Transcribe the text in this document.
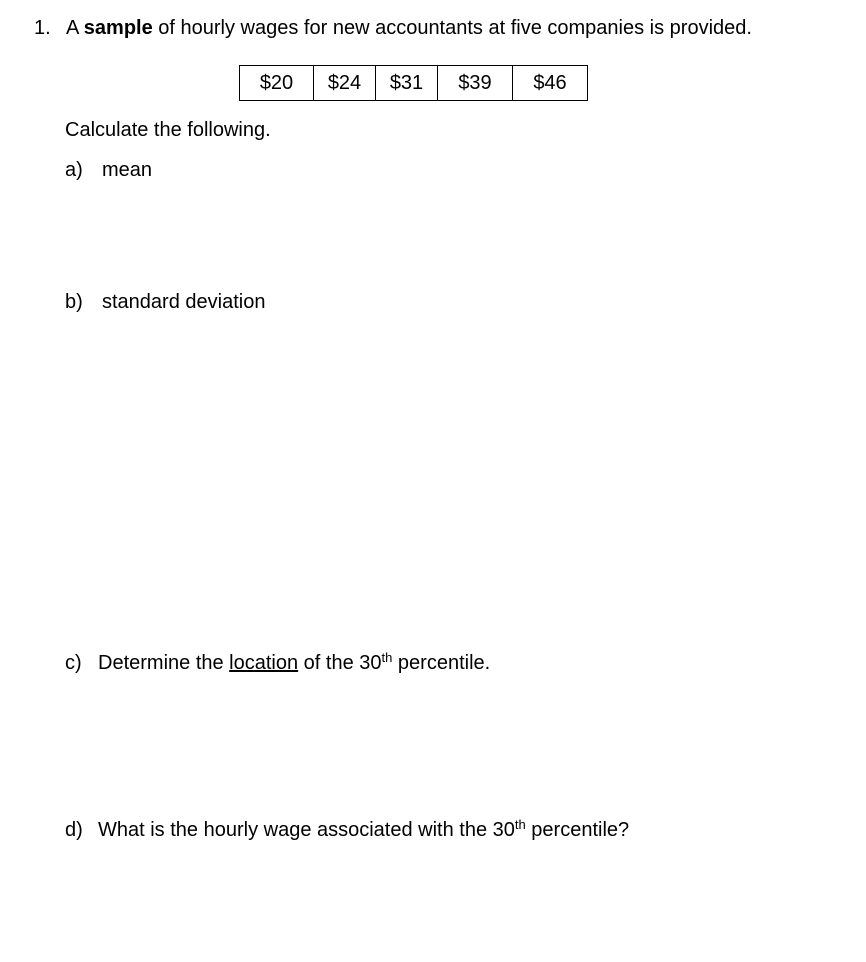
1. A sample of hourly wages for new accountants at five companies is provided.
$20	$24	$31	$39	$46
Calculate the following.
a) mean
b) standard deviation
c) Determine the location of the 30th percentile.
d) What is the hourly wage associated with the 30th percentile?
